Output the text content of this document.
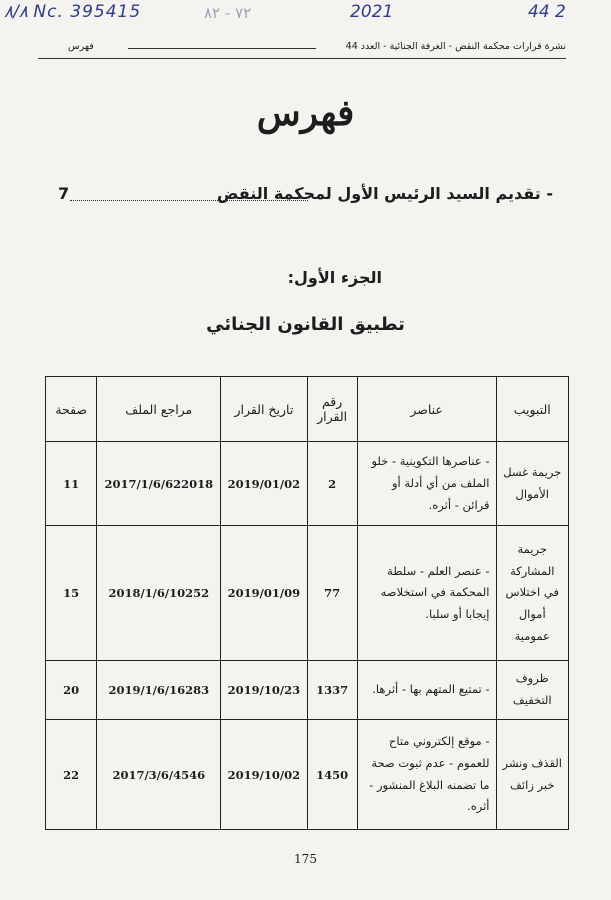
٨/٨ Nc. 395415	٧٢ - ٨٢	2021	44 2
نشرة قرارات محكمة النقض - الغرفة الجنائية - العدد 44
فهرس
فهرس
- تقديم السيد الرئيس الأول لمحكمة النقض
7
الجزء الأول:
تطبيق القانون الجنائي
التبويب	عناصر	رقم القرار	تاريخ القرار	مراجع الملف	صفحة
جريمة غسل الأموال	- عناصرها التكوينية - خلو الملف من أي أدلة أو قرائن - أثره.	2	2019/01/02	2017/1/6/622018	11
جريمة المشاركة في اختلاس أموال عمومية	- عنصر العلم - سلطة المحكمة في استخلاصه إيجابا أو سلبا.	77	2019/01/09	2018/1/6/10252	15
ظروف التخفيف	- تمتيع المتهم بها - أثرها.	1337	2019/10/23	2019/1/6/16283	20
القذف ونشر خبر زائف	- موقع إلكتروني متاح للعموم - عدم ثبوت صحة ما تضمنه البلاغ المنشور - أثره.	1450	2019/10/02	2017/3/6/4546	22
175
